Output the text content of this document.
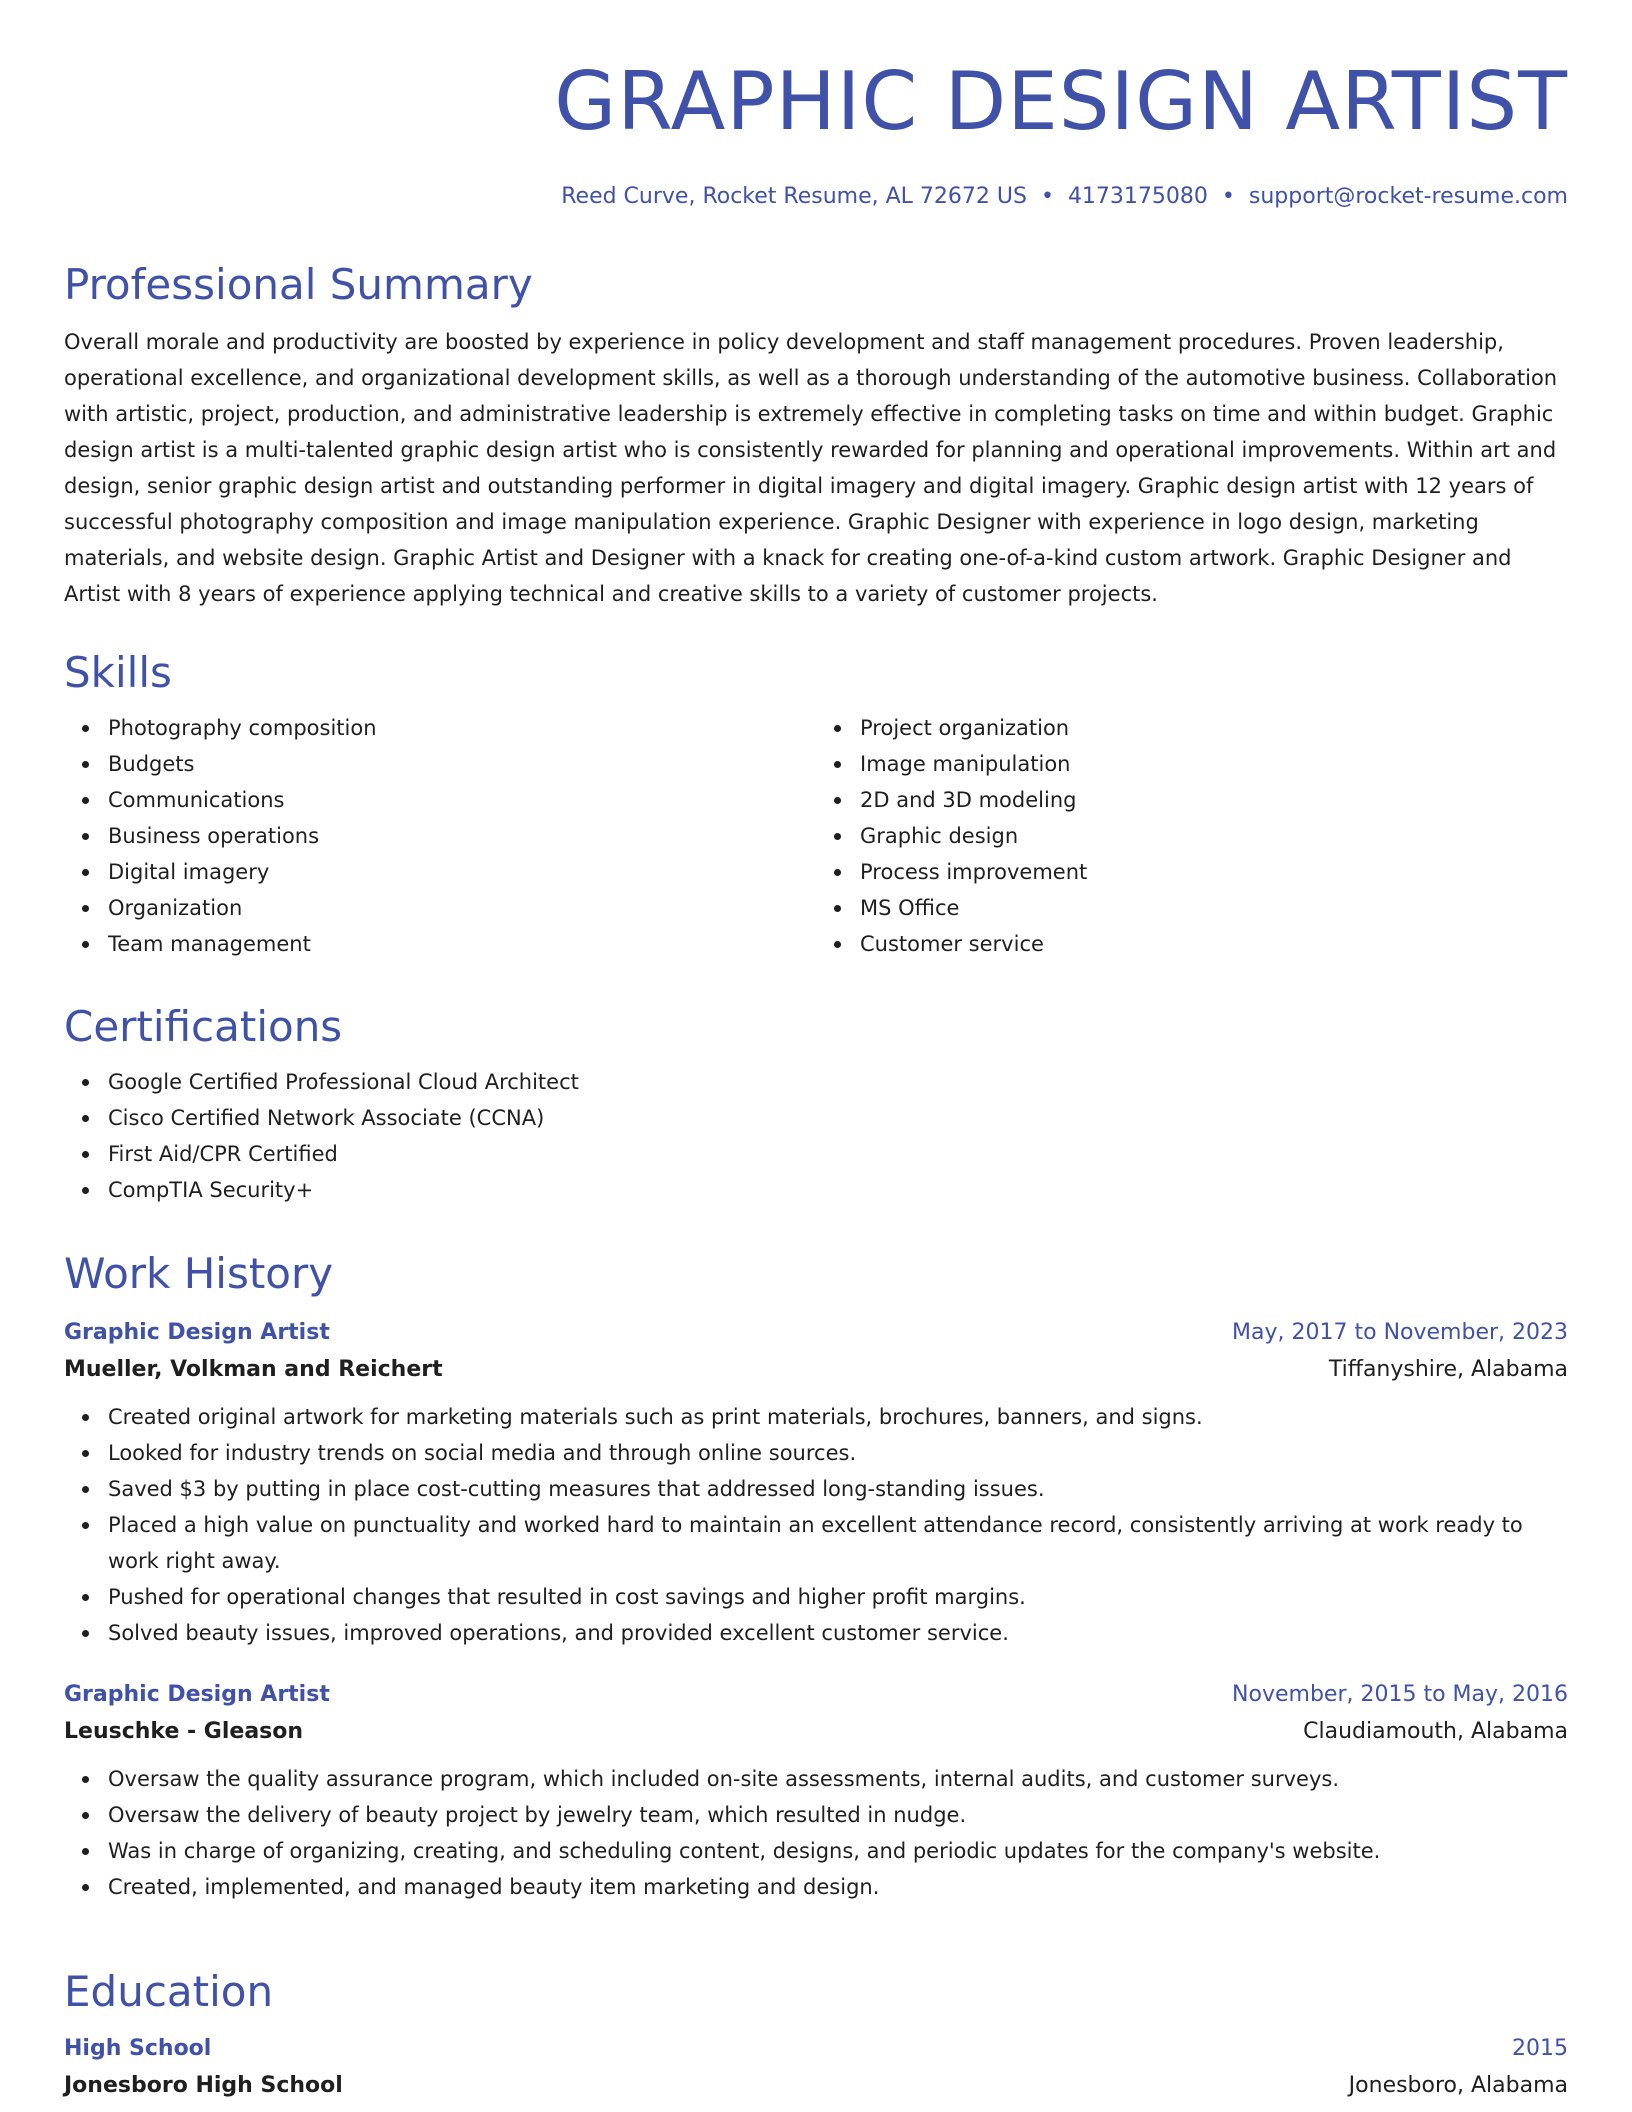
GRAPHIC DESIGN ARTIST
Reed Curve, Rocket Resume, AL 72672 US • 4173175080 • support@rocket-resume.com
Professional Summary

Overall morale and productivity are boosted by experience in policy development and staff management procedures. Proven leadership, operational excellence, and organizational development skills, as well as a thorough understanding of the automotive business. Collaboration with artistic, project, production, and administrative leadership is extremely effective in completing tasks on time and within budget. Graphic design artist is a multi-talented graphic design artist who is consistently rewarded for planning and operational improvements. Within art and design, senior graphic design artist and outstanding performer in digital imagery and digital imagery. Graphic design artist with 12 years of successful photography composition and image manipulation experience. Graphic Designer with experience in logo design, marketing materials, and website design. Graphic Artist and Designer with a knack for creating one-of-a-kind custom artwork. Graphic Designer and Artist with 8 years of experience applying technical and creative skills to a variety of customer projects.

Skills
Photography composition
Budgets
Communications
Business operations
Digital imagery
Organization
Team management
Project organization
Image manipulation
2D and 3D modeling
Graphic design
Process improvement
MS Office
Customer service
Certifications
Google Certified Professional Cloud Architect
Cisco Certified Network Associate (CCNA)
First Aid/CPR Certified
CompTIA Security+
Work History
Graphic Design Artist	May, 2017 to November, 2023
Mueller, Volkman and Reichert	Tiffanyshire, Alabama
Created original artwork for marketing materials such as print materials, brochures, banners, and signs.
Looked for industry trends on social media and through online sources.
Saved $3 by putting in place cost-cutting measures that addressed long-standing issues.
Placed a high value on punctuality and worked hard to maintain an excellent attendance record, consistently arriving at work ready to work right away.
Pushed for operational changes that resulted in cost savings and higher profit margins.
Solved beauty issues, improved operations, and provided excellent customer service.
Graphic Design Artist	November, 2015 to May, 2016
Leuschke - Gleason	Claudiamouth, Alabama
Oversaw the quality assurance program, which included on-site assessments, internal audits, and customer surveys.
Oversaw the delivery of beauty project by jewelry team, which resulted in nudge.
Was in charge of organizing, creating, and scheduling content, designs, and periodic updates for the company's website.
Created, implemented, and managed beauty item marketing and design.
Education
High School	2015
Jonesboro High School	Jonesboro, Alabama
